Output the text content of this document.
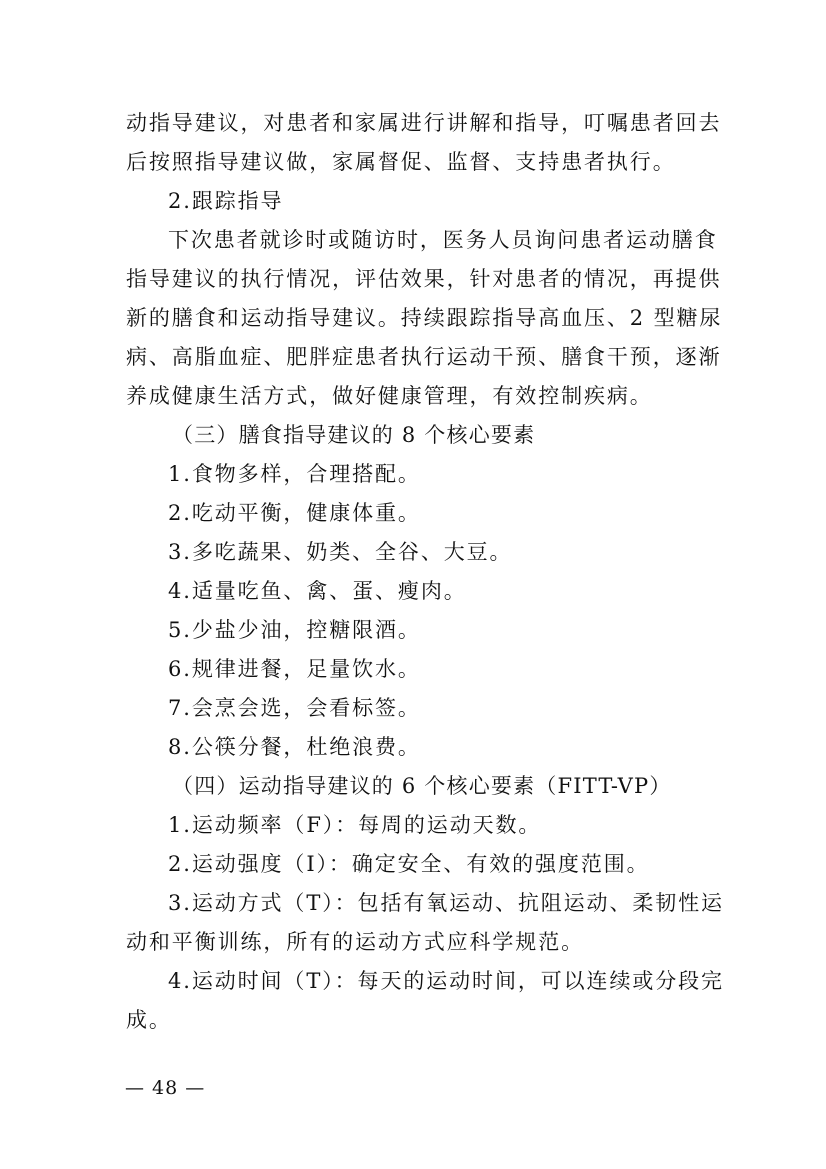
动指导建议，对患者和家属进行讲解和指导，叮嘱患者回去
后按照指导建议做，家属督促、监督、支持患者执行。
2.跟踪指导
下次患者就诊时或随访时，医务人员询问患者运动膳食
指导建议的执行情况，评估效果，针对患者的情况，再提供
新的膳食和运动指导建议。持续跟踪指导高血压、2 型糖尿
病、高脂血症、肥胖症患者执行运动干预、膳食干预，逐渐
养成健康生活方式，做好健康管理，有效控制疾病。
（三）膳食指导建议的 8 个核心要素
1.食物多样，合理搭配。
2.吃动平衡，健康体重。
3.多吃蔬果、奶类、全谷、大豆。
4.适量吃鱼、禽、蛋、瘦肉。
5.少盐少油，控糖限酒。
6.规律进餐，足量饮水。
7.会烹会选，会看标签。
8.公筷分餐，杜绝浪费。
（四）运动指导建议的 6 个核心要素（FITT-VP）
1.运动频率（F）：每周的运动天数。
2.运动强度（I）：确定安全、有效的强度范围。
3.运动方式（T）：包括有氧运动、抗阻运动、柔韧性运
动和平衡训练，所有的运动方式应科学规范。
4.运动时间（T）：每天的运动时间，可以连续或分段完
成。
— 48 —
